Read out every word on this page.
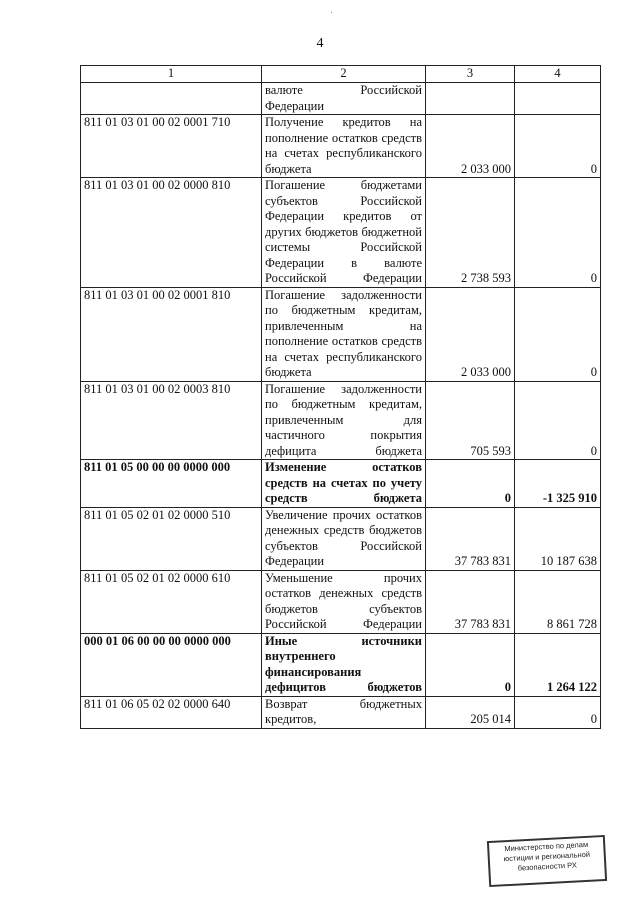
4
1	2	3	4
	валюте Российской Федерации		
811 01 03 01 00 02 0001 710	Получение кредитов на пополнение остатков средств на счетах республиканского бюджета	2 033 000	0
811 01 03 01 00 02 0000 810	Погашение бюджетами субъектов Российской Федерации кредитов от других бюджетов бюджетной системы Российской Федерации в валюте Российской Федерации	2 738 593	0
811 01 03 01 00 02 0001 810	Погашение задолженности по бюджетным кредитам, привлеченным на пополнение остатков средств на счетах республиканского бюджета	2 033 000	0
811 01 03 01 00 02 0003 810	Погашение задолженности по бюджетным кредитам, привлеченным для частичного покрытия дефицита бюджета	705 593	0
811 01 05 00 00 00 0000 000	Изменение остатков средств на счетах по учету средств бюджета	0	-1 325 910
811 01 05 02 01 02 0000 510	Увеличение прочих остатков денежных средств бюджетов субъектов Российской Федерации	37 783 831	10 187 638
811 01 05 02 01 02 0000 610	Уменьшение прочих остатков денежных средств бюджетов субъектов Российской Федерации	37 783 831	8 861 728
000 01 06 00 00 00 0000 000	Иные источники внутреннего финансирования дефицитов бюджетов	0	1 264 122
811 01 06 05 02 02 0000 640	Возврат бюджетных кредитов,	205 014	0
Министерство по делам
юстиции и региональной
безопасности РХ
